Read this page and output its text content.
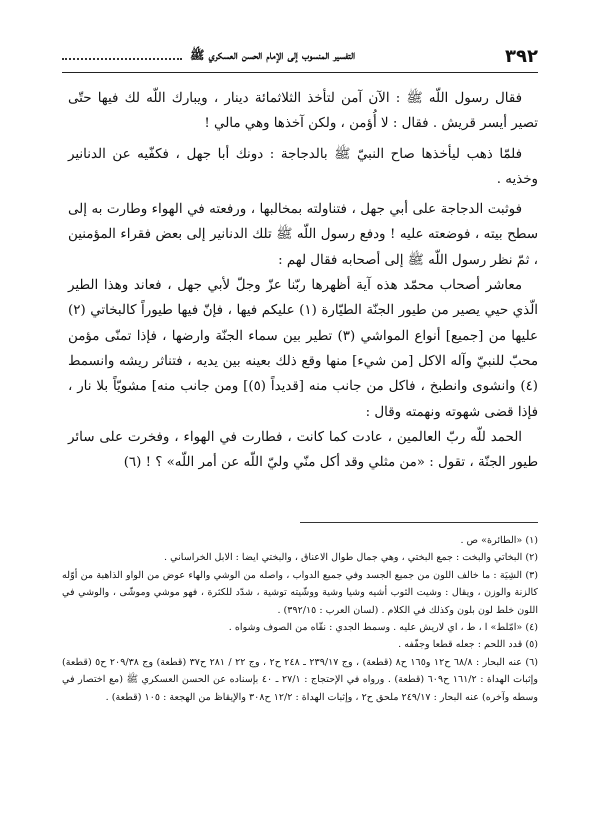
٣٩٢
التفسير المنسوب إلى الإمام الحسن العسكري ﷺ

فقال رسول اللّه ﷺ : الآن آمن لتأخذ الثلاثمائة دينار ، ويبارك اللّه لك فيها حتّى تصير أيسر قريش . فقال : لا أُؤمن ، ولكن آخذها وهي مالي !

فلمّا ذهب ليأخذها صاح النبيّ ﷺ بالدجاجة : دونك أبا جهل ، فكفّيه عن الدنانير وخذيه .

فوثبت الدجاجة على أبي جهل ، فتناولته بمخالبها ، ورفعته في الهواء وطارت به إلى سطح بيته ، فوضعته عليه ! ودفع رسول اللّه ﷺ تلك الدنانير إلى بعض فقراء المؤمنين ، ثمّ نظر رسول اللّه ﷺ إلى أصحابه فقال لهم :

معاشر أصحاب محمّد هذه آية أظهرها ربّنا عزّ وجلّ لأبي جهل ، فعاند وهذا الطير الّذي حيي يصير من طيور الجنّة الطيّارة (١) عليكم فيها ، فإنّ فيها طيوراً كالبخاتي (٢) عليها من [جميع] أنواع المواشي (٣) تطير بين سماء الجنّة وارضها ، فإذا تمنّى مؤمن محبّ للنبيّ وآله الاكل [من شيء] منها وقع ذلك بعينه بين يديه ، فتناثر ريشه وانسمط (٤) وانشوى وانطبخ ، فاكل من جانب منه [قديداً (٥)] ومن جانب منه] مشويّاً بلا نار ، فإذا قضى شهوته ونهمته وقال :

الحمد للّه ربّ العالمين ، عادت كما كانت ، فطارت في الهواء ، وفخرت على سائر طيور الجنّة ، تقول : «من مثلي وقد أكل منّي وليّ اللّه عن أمر اللّه» ؟ ! (٦)

(١) «الطائرة» ص .

(٢) البخاتي والبخت : جمع البختي ، وهي جمال طوال الاعناق ، والبختي ايضا : الابل الخراساني .

(٣) الشِيَة : ما خالف اللون من جميع الجسد وفي جميع الدواب ، واصله من الوشي والهاء عوض من الواو الذاهبة من أوّله كالزنة والوزن ، ويقال : وشيت الثوب أشيه وشيا وشية ووشّيته توشية ، شدّد للكثرة ، فهو موشي وموشّى ، والوشي في اللون خلط لون بلون وكذلك في الكلام . (لسان العرب : ٣٩٢/١٥) .

(٤) «امّلط» ا ، ط ، اي لاريش عليه . وسمط الجدي : نقّاه من الصوف وشواه .

(٥) قدد اللحم : جعله قطعا وجفّفه .

(٦) عنه البحار : ٦٨/٨ ح١٢ و١٦٥ ح٨ (قطعة) ، وج ٢٣٩/١٧ ـ ٢٤٨ ح٢ ، وج ٢٢ / ٢٨١ ح٣٧ (قطعة) وج ٢٠٩/٣٨ ح٥ (قطعة) وإثبات الهداة : ١٦١/٢ ح٦٠٩ (قطعة) . ورواه في الإحتجاج : ٢٧/١ ـ ٤٠ بإسناده عن الحسن العسكري ﷺ (مع اختصار في وسطه وآخره) عنه البحار : ٢٤٩/١٧ ملحق ح٢ ، وإثبات الهداة : ١٢/٢ ح٣٠٨ والإيقاظ من الهجعة : ١٠٥ (قطعة) .
